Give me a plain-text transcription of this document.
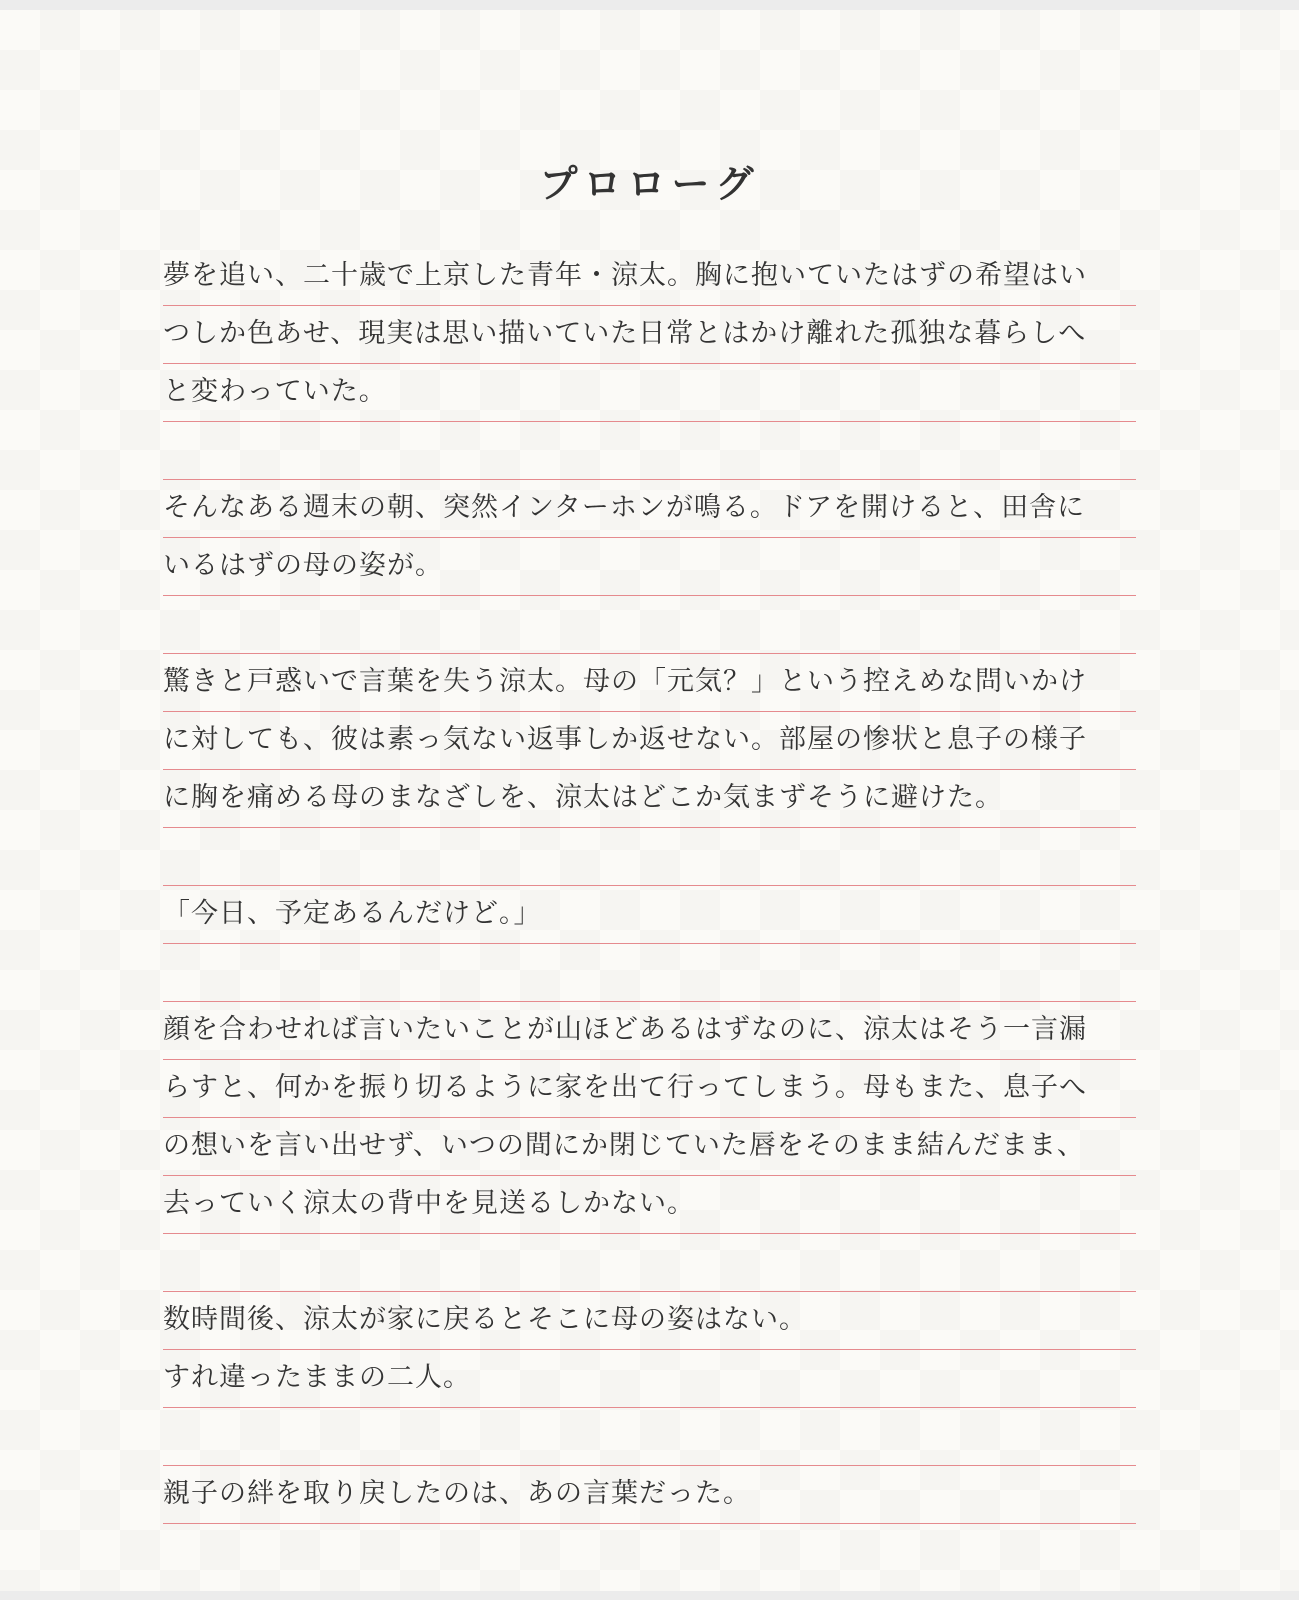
プロローグ
夢を追い、二十歳で上京した青年・涼太。胸に抱いていたはずの希望はい
つしか色あせ、現実は思い描いていた日常とはかけ離れた孤独な暮らしへ
と変わっていた。
そんなある週末の朝、突然インターホンが鳴る。ドアを開けると、田舎に
いるはずの母の姿が。
驚きと戸惑いで言葉を失う涼太。母の「元気？」という控えめな問いかけ
に対しても、彼は素っ気ない返事しか返せない。部屋の惨状と息子の様子
に胸を痛める母のまなざしを、涼太はどこか気まずそうに避けた。
「今日、予定あるんだけど。」
顔を合わせれば言いたいことが山ほどあるはずなのに、涼太はそう一言漏
らすと、何かを振り切るように家を出て行ってしまう。母もまた、息子へ
の想いを言い出せず、いつの間にか閉じていた唇をそのまま結んだまま、
去っていく涼太の背中を見送るしかない。
数時間後、涼太が家に戻るとそこに母の姿はない。
すれ違ったままの二人。
親子の絆を取り戻したのは、あの言葉だった。
